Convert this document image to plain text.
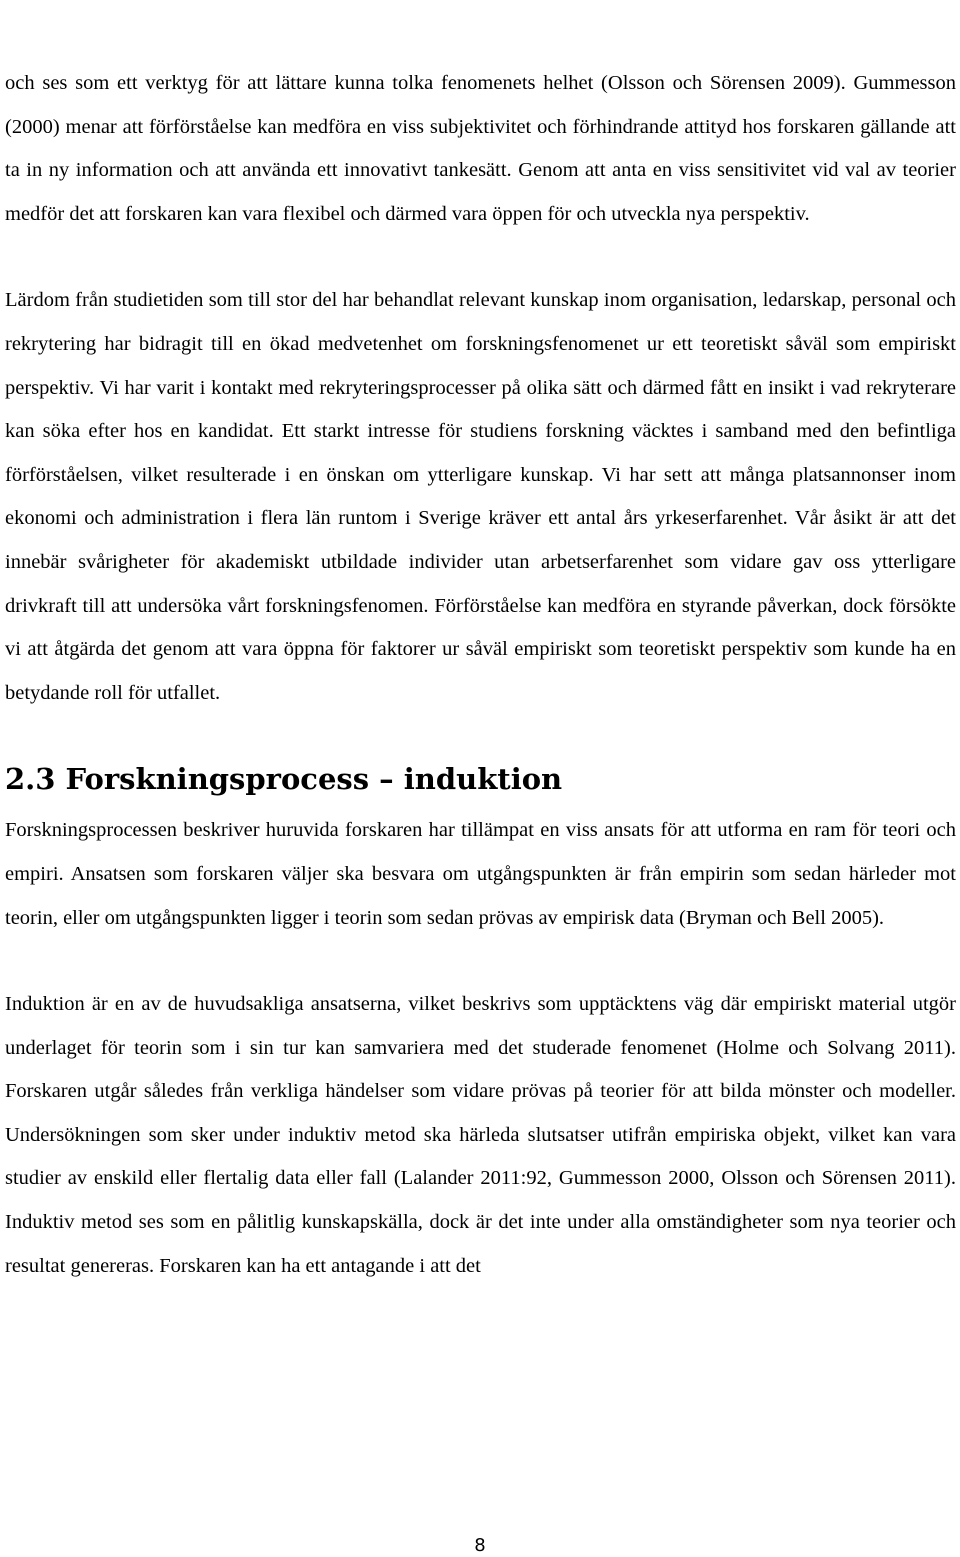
och ses som ett verktyg för att lättare kunna tolka fenomenets helhet (Olsson och Sörensen 2009). Gummesson (2000) menar att förförståelse kan medföra en viss subjektivitet och förhindrande attityd hos forskaren gällande att ta in ny information och att använda ett innovativt tankesätt. Genom att anta en viss sensitivitet vid val av teorier medför det att forskaren kan vara flexibel och därmed vara öppen för och utveckla nya perspektiv.

Lärdom från studietiden som till stor del har behandlat relevant kunskap inom organisation, ledarskap, personal och rekrytering har bidragit till en ökad medvetenhet om forskningsfenomenet ur ett teoretiskt såväl som empiriskt perspektiv. Vi har varit i kontakt med rekryteringsprocesser på olika sätt och därmed fått en insikt i vad rekryterare kan söka efter hos en kandidat. Ett starkt intresse för studiens forskning väcktes i samband med den befintliga förförståelsen, vilket resulterade i en önskan om ytterligare kunskap. Vi har sett att många platsannonser inom ekonomi och administration i flera län runtom i Sverige kräver ett antal års yrkeserfarenhet. Vår åsikt är att det innebär svårigheter för akademiskt utbildade individer utan arbetserfarenhet som vidare gav oss ytterligare drivkraft till att undersöka vårt forskningsfenomen. Förförståelse kan medföra en styrande påverkan, dock försökte vi att åtgärda det genom att vara öppna för faktorer ur såväl empiriskt som teoretiskt perspektiv som kunde ha en betydande roll för utfallet.

2.3 Forskningsprocess – induktion

Forskningsprocessen beskriver huruvida forskaren har tillämpat en viss ansats för att utforma en ram för teori och empiri. Ansatsen som forskaren väljer ska besvara om utgångspunkten är från empirin som sedan härleder mot teorin, eller om utgångspunkten ligger i teorin som sedan prövas av empirisk data (Bryman och Bell 2005).

Induktion är en av de huvudsakliga ansatserna, vilket beskrivs som upptäcktens väg där empiriskt material utgör underlaget för teorin som i sin tur kan samvariera med det studerade fenomenet (Holme och Solvang 2011). Forskaren utgår således från verkliga händelser som vidare prövas på teorier för att bilda mönster och modeller. Undersökningen som sker under induktiv metod ska härleda slutsatser utifrån empiriska objekt, vilket kan vara studier av enskild eller flertalig data eller fall (Lalander 2011:92, Gummesson 2000, Olsson och Sörensen 2011). Induktiv metod ses som en pålitlig kunskapskälla, dock är det inte under alla omständigheter som nya teorier och resultat genereras. Forskaren kan ha ett antagande i att det

8
